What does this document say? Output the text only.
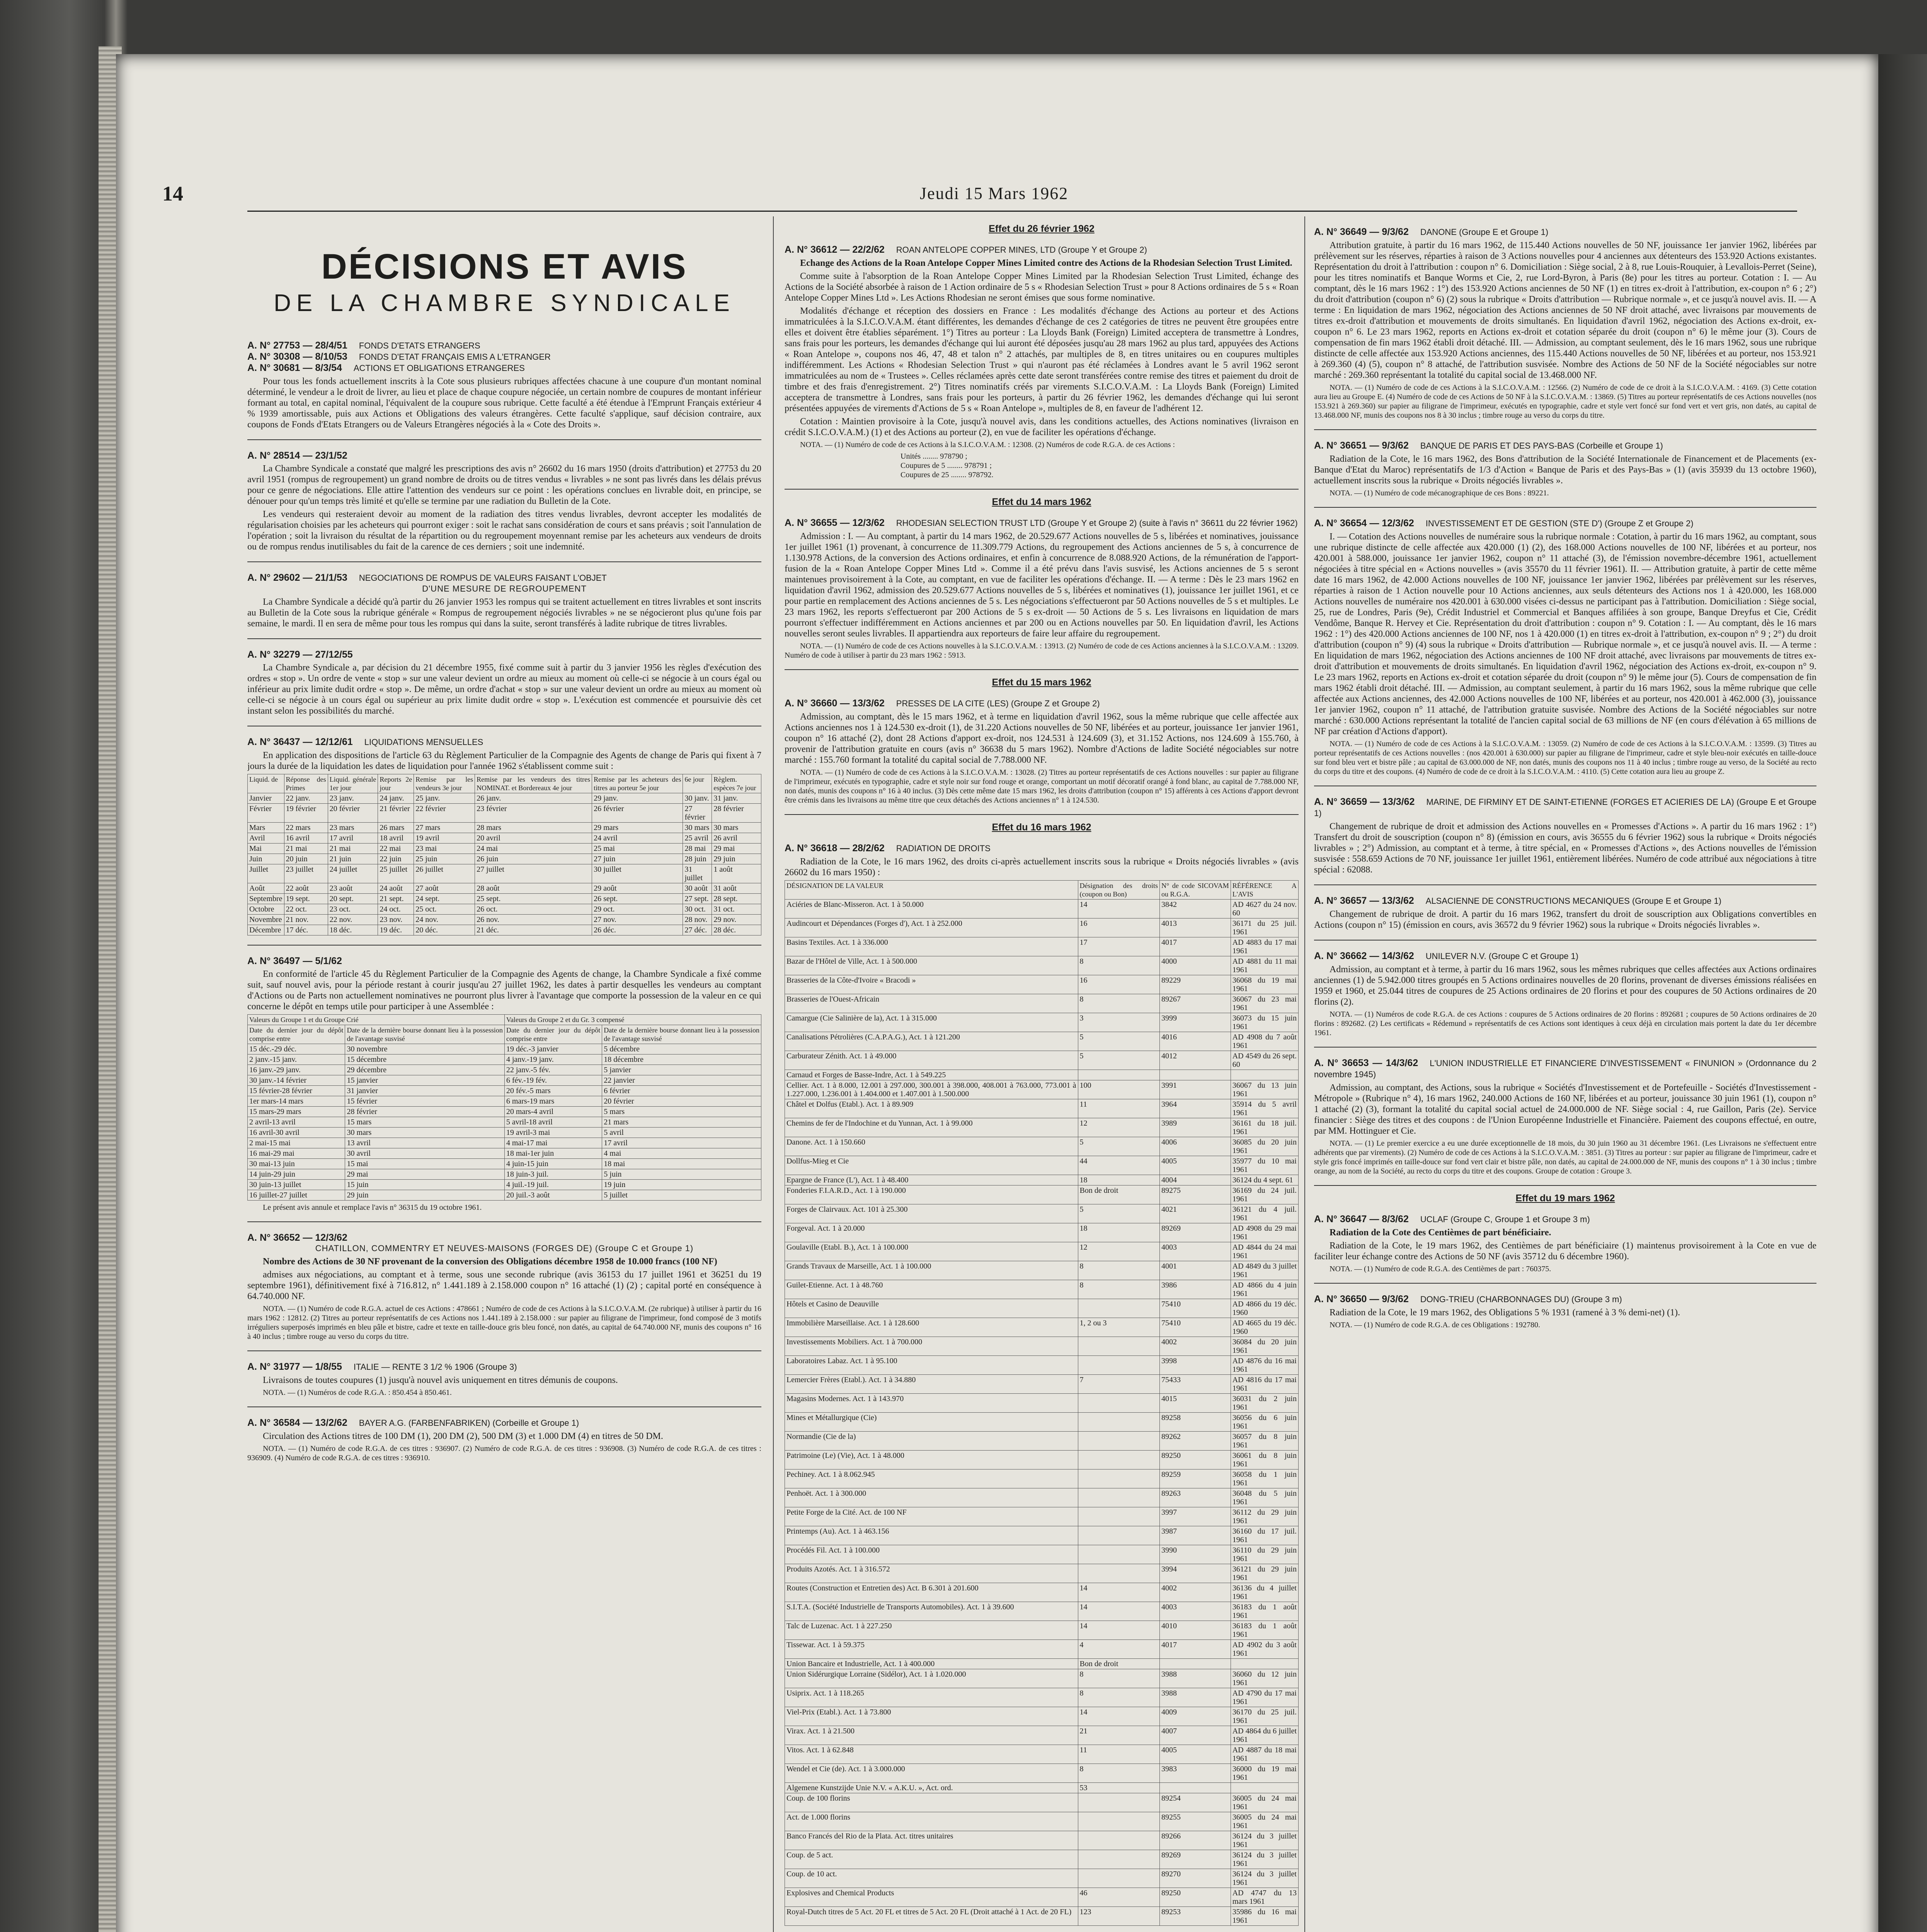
14	Jeudi 15 Mars 1962
DÉCISIONS ET AVIS
DE LA CHAMBRE SYNDICALE
A. N° 27753 — 28/4/51 FONDS D'ETATS ETRANGERS
A. N° 30308 — 8/10/53 FONDS D'ETAT FRANÇAIS EMIS A L'ETRANGER
A. N° 30681 — 8/3/54 ACTIONS ET OBLIGATIONS ETRANGERES

Pour tous les fonds actuellement inscrits à la Cote sous plusieurs rubriques affectées chacune à une coupure d'un montant nominal déterminé, le vendeur a le droit de livrer, au lieu et place de chaque coupure négociée, un certain nombre de coupures de montant inférieur formant au total, en capital nominal, l'équivalent de la coupure sous rubrique. Cette faculté a été étendue à l'Emprunt Français extérieur 4 % 1939 amortissable, puis aux Actions et Obligations des valeurs étrangères. Cette faculté s'applique, sauf décision contraire, aux coupons de Fonds d'Etats Etrangers ou de Valeurs Etrangères négociés à la « Cote des Droits ».

A. N° 28514 — 23/1/52

La Chambre Syndicale a constaté que malgré les prescriptions des avis n° 26602 du 16 mars 1950 (droits d'attribution) et 27753 du 20 avril 1951 (rompus de regroupement) un grand nombre de droits ou de titres vendus « livrables » ne sont pas livrés dans les délais prévus pour ce genre de négociations. Elle attire l'attention des vendeurs sur ce point : les opérations conclues en livrable doit, en principe, se dénouer pour qu'un temps très limité et qu'elle se termine par une radiation du Bulletin de la Cote.

Les vendeurs qui resteraient devoir au moment de la radiation des titres vendus livrables, devront accepter les modalités de régularisation choisies par les acheteurs qui pourront exiger : soit le rachat sans considération de cours et sans préavis ; soit l'annulation de l'opération ; soit la livraison du résultat de la répartition ou du regroupement moyennant remise par les acheteurs aux vendeurs de droits ou de rompus rendus inutilisables du fait de la carence de ces derniers ; soit une indemnité.

A. N° 29602 — 21/1/53 NEGOCIATIONS DE ROMPUS DE VALEURS FAISANT L'OBJET
D'UNE MESURE DE REGROUPEMENT

La Chambre Syndicale a décidé qu'à partir du 26 janvier 1953 les rompus qui se traitent actuellement en titres livrables et sont inscrits au Bulletin de la Cote sous la rubrique générale « Rompus de regroupement négociés livrables » ne se négocieront plus qu'une fois par semaine, le mardi. Il en sera de même pour tous les rompus qui dans la suite, seront transférés à ladite rubrique de titres livrables.

A. N° 32279 — 27/12/55

La Chambre Syndicale a, par décision du 21 décembre 1955, fixé comme suit à partir du 3 janvier 1956 les règles d'exécution des ordres « stop ». Un ordre de vente « stop » sur une valeur devient un ordre au mieux au moment où celle-ci se négocie à un cours égal ou inférieur au prix limite dudit ordre « stop ». De même, un ordre d'achat « stop » sur une valeur devient un ordre au mieux au moment où celle-ci se négocie à un cours égal ou supérieur au prix limite dudit ordre « stop ». L'exécution est commencée et poursuivie dès cet instant selon les possibilités du marché.

A. N° 36437 — 12/12/61 LIQUIDATIONS MENSUELLES

En application des dispositions de l'article 63 du Règlement Particulier de la Compagnie des Agents de change de Paris qui fixent à 7 jours la durée de la liquidation les dates de liquidation pour l'année 1962 s'établissent comme suit :

Liquid. de	Réponse des Primes	Liquid. générale 1er jour	Reports 2e jour	Remise par les vendeurs 3e jour	Remise par les vendeurs des titres NOMINAT. et Bordereaux 4e jour	Remise par les acheteurs des titres au porteur 5e jour	6e jour	Règlem. espèces 7e jour
Janvier	22 janv.	23 janv.	24 janv.	25 janv.	26 janv.	29 janv.	30 janv.	31 janv.
Février	19 février	20 février	21 février	22 février	23 février	26 février	27 février	28 février
Mars	22 mars	23 mars	26 mars	27 mars	28 mars	29 mars	30 mars	30 mars
Avril	16 avril	17 avril	18 avril	19 avril	20 avril	24 avril	25 avril	26 avril
Mai	21 mai	21 mai	22 mai	23 mai	24 mai	25 mai	28 mai	29 mai
Juin	20 juin	21 juin	22 juin	25 juin	26 juin	27 juin	28 juin	29 juin
Juillet	23 juillet	24 juillet	25 juillet	26 juillet	27 juillet	30 juillet	31 juillet	1 août
Août	22 août	23 août	24 août	27 août	28 août	29 août	30 août	31 août
Septembre	19 sept.	20 sept.	21 sept.	24 sept.	25 sept.	26 sept.	27 sept.	28 sept.
Octobre	22 oct.	23 oct.	24 oct.	25 oct.	26 oct.	29 oct.	30 oct.	31 oct.
Novembre	21 nov.	22 nov.	23 nov.	24 nov.	26 nov.	27 nov.	28 nov.	29 nov.
Décembre	17 déc.	18 déc.	19 déc.	20 déc.	21 déc.	26 déc.	27 déc.	28 déc.
A. N° 36497 — 5/1/62

En conformité de l'article 45 du Règlement Particulier de la Compagnie des Agents de change, la Chambre Syndicale a fixé comme suit, sauf nouvel avis, pour la période restant à courir jusqu'au 27 juillet 1962, les dates à partir desquelles les vendeurs au comptant d'Actions ou de Parts non actuellement nominatives ne pourront plus livrer à l'avantage que comporte la possession de la valeur en ce qui concerne le dépôt en temps utile pour participer à une Assemblée :

Valeurs du Groupe 1 et du Groupe Crié		Valeurs du Groupe 2 et du Gr. 3 compensé	
Date du dernier jour du dépôt comprise entre	Date de la dernière bourse donnant lieu à la possession de l'avantage susvisé	Date du dernier jour du dépôt comprise entre	Date de la dernière bourse donnant lieu à la possession de l'avantage susvisé
15 déc.-29 déc.	30 novembre	19 déc.-3 janvier	5 décembre
2 janv.-15 janv.	15 décembre	4 janv.-19 janv.	18 décembre
16 janv.-29 janv.	29 décembre	22 janv.-5 fév.	5 janvier
30 janv.-14 février	15 janvier	6 fév.-19 fév.	22 janvier
15 février-28 février	31 janvier	20 fév.-5 mars	6 février
1er mars-14 mars	15 février	6 mars-19 mars	20 février
15 mars-29 mars	28 février	20 mars-4 avril	5 mars
2 avril-13 avril	15 mars	5 avril-18 avril	21 mars
16 avril-30 avril	30 mars	19 avril-3 mai	5 avril
2 mai-15 mai	13 avril	4 mai-17 mai	17 avril
16 mai-29 mai	30 avril	18 mai-1er juin	4 mai
30 mai-13 juin	15 mai	4 juin-15 juin	18 mai
14 juin-29 juin	29 mai	18 juin-3 juil.	5 juin
30 juin-13 juillet	15 juin	4 juil.-19 juil.	19 juin
16 juillet-27 juillet	29 juin	20 juil.-3 août	5 juillet

Le présent avis annule et remplace l'avis n° 36315 du 19 octobre 1961.

A. N° 36652 — 12/3/62
CHATILLON, COMMENTRY ET NEUVES-MAISONS (FORGES DE) (Groupe C et Groupe 1)

Nombre des Actions de 30 NF provenant de la conversion des Obligations décembre 1958 de 10.000 francs (100 NF)

admises aux négociations, au comptant et à terme, sous une seconde rubrique (avis 36153 du 17 juillet 1961 et 36251 du 19 septembre 1961), définitivement fixé à 716.812, n° 1.441.189 à 2.158.000 coupon n° 16 attaché (1) (2) ; capital porté en conséquence à 64.740.000 NF.

NOTA. — (1) Numéro de code R.G.A. actuel de ces Actions : 478661 ; Numéro de code de ces Actions à la S.I.C.O.V.A.M. (2e rubrique) à utiliser à partir du 16 mars 1962 : 12812. (2) Titres au porteur représentatifs de ces Actions nos 1.441.189 à 2.158.000 : sur papier au filigrane de l'imprimeur, fond composé de 3 motifs irréguliers superposés imprimés en bleu pâle et bistre, cadre et texte en taille-douce gris bleu foncé, non datés, au capital de 64.740.000 NF, munis des coupons n° 16 à 40 inclus ; timbre rouge au verso du corps du titre.

A. N° 31977 — 1/8/55 ITALIE — RENTE 3 1/2 % 1906 (Groupe 3)

Livraisons de toutes coupures (1) jusqu'à nouvel avis uniquement en titres démunis de coupons.

NOTA. — (1) Numéros de code R.G.A. : 850.454 à 850.461.

A. N° 36584 — 13/2/62 BAYER A.G. (FARBENFABRIKEN) (Corbeille et Groupe 1)

Circulation des Actions titres de 100 DM (1), 200 DM (2), 500 DM (3) et 1.000 DM (4) en titres de 50 DM.

NOTA. — (1) Numéro de code R.G.A. de ces titres : 936907. (2) Numéro de code R.G.A. de ces titres : 936908. (3) Numéro de code R.G.A. de ces titres : 936909. (4) Numéro de code R.G.A. de ces titres : 936910.

Effet du 26 février 1962
A. N° 36612 — 22/2/62 ROAN ANTELOPE COPPER MINES, LTD (Groupe Y et Groupe 2)

Echange des Actions de la Roan Antelope Copper Mines Limited contre des Actions de la Rhodesian Selection Trust Limited.

Comme suite à l'absorption de la Roan Antelope Copper Mines Limited par la Rhodesian Selection Trust Limited, échange des Actions de la Société absorbée à raison de 1 Action ordinaire de 5 s « Rhodesian Selection Trust » pour 8 Actions ordinaires de 5 s « Roan Antelope Copper Mines Ltd ». Les Actions Rhodesian ne seront émises que sous forme nominative.

Modalités d'échange et réception des dossiers en France : Les modalités d'échange des Actions au porteur et des Actions immatriculées à la S.I.C.O.V.A.M. étant différentes, les demandes d'échange de ces 2 catégories de titres ne peuvent être groupées entre elles et doivent être établies séparément. 1°) Titres au porteur : La Lloyds Bank (Foreign) Limited acceptera de transmettre à Londres, sans frais pour les porteurs, les demandes d'échange qui lui auront été déposées jusqu'au 28 mars 1962 au plus tard, appuyées des Actions « Roan Antelope », coupons nos 46, 47, 48 et talon n° 2 attachés, par multiples de 8, en titres unitaires ou en coupures multiples indifféremment. Les Actions « Rhodesian Selection Trust » qui n'auront pas été réclamées à Londres avant le 5 avril 1962 seront immatriculées au nom de « Trustees ». Celles réclamées après cette date seront transférées contre remise des titres et paiement du droit de timbre et des frais d'enregistrement. 2°) Titres nominatifs créés par virements S.I.C.O.V.A.M. : La Lloyds Bank (Foreign) Limited acceptera de transmettre à Londres, sans frais pour les porteurs, à partir du 26 février 1962, les demandes d'échange qui lui seront présentées appuyées de virements d'Actions de 5 s « Roan Antelope », multiples de 8, en faveur de l'adhérent 12.

Cotation : Maintien provisoire à la Cote, jusqu'à nouvel avis, dans les conditions actuelles, des Actions nominatives (livraison en crédit S.I.C.O.V.A.M.) (1) et des Actions au porteur (2), en vue de faciliter les opérations d'échange.

NOTA. — (1) Numéro de code de ces Actions à la S.I.C.O.V.A.M. : 12308. (2) Numéros de code R.G.A. de ces Actions :

Unités ........ 978790 ;
Coupures de 5 ........ 978791 ;
Coupures de 25 ........ 978792.
Effet du 14 mars 1962
A. N° 36655 — 12/3/62 RHODESIAN SELECTION TRUST LTD (Groupe Y et Groupe 2) (suite à l'avis n° 36611 du 22 février 1962)

Admission : I. — Au comptant, à partir du 14 mars 1962, de 20.529.677 Actions nouvelles de 5 s, libérées et nominatives, jouissance 1er juillet 1961 (1) provenant, à concurrence de 11.309.779 Actions, du regroupement des Actions anciennes de 5 s, à concurrence de 1.130.978 Actions, de la conversion des Actions ordinaires, et enfin à concurrence de 8.088.920 Actions, de la rémunération de l'apport-fusion de la « Roan Antelope Copper Mines Ltd ». Comme il a été prévu dans l'avis susvisé, les Actions anciennes de 5 s seront maintenues provisoirement à la Cote, au comptant, en vue de faciliter les opérations d'échange. II. — A terme : Dès le 23 mars 1962 en liquidation d'avril 1962, admission des 20.529.677 Actions nouvelles de 5 s, libérées et nominatives (1), jouissance 1er juillet 1961, et ce pour partie en remplacement des Actions anciennes de 5 s. Les négociations s'effectueront par 50 Actions nouvelles de 5 s et multiples. Le 23 mars 1962, les reports s'effectueront par 200 Actions de 5 s ex-droit — 50 Actions de 5 s. Les livraisons en liquidation de mars pourront s'effectuer indifféremment en Actions anciennes et par 200 ou en Actions nouvelles par 50. En liquidation d'avril, les Actions nouvelles seront seules livrables. Il appartiendra aux reporteurs de faire leur affaire du regroupement.

NOTA. — (1) Numéro de code de ces Actions nouvelles à la S.I.C.O.V.A.M. : 13913. (2) Numéro de code de ces Actions anciennes à la S.I.C.O.V.A.M. : 13209. Numéro de code à utiliser à partir du 23 mars 1962 : 5913.

Effet du 15 mars 1962
A. N° 36660 — 13/3/62 PRESSES DE LA CITE (LES) (Groupe Z et Groupe 2)

Admission, au comptant, dès le 15 mars 1962, et à terme en liquidation d'avril 1962, sous la même rubrique que celle affectée aux Actions anciennes nos 1 à 124.530 ex-droit (1), de 31.220 Actions nouvelles de 50 NF, libérées et au porteur, jouissance 1er janvier 1961, coupon n° 16 attaché (2), dont 28 Actions d'apport ex-droit, nos 124.531 à 124.609 (3), et 31.152 Actions, nos 124.609 à 155.760, à provenir de l'attribution gratuite en cours (avis n° 36638 du 5 mars 1962). Nombre d'Actions de ladite Société négociables sur notre marché : 155.760 formant la totalité du capital social de 7.788.000 NF.

NOTA. — (1) Numéro de code de ces Actions à la S.I.C.O.V.A.M. : 13028. (2) Titres au porteur représentatifs de ces Actions nouvelles : sur papier au filigrane de l'imprimeur, exécutés en typographie, cadre et style noir sur fond rouge et orange, comportant un motif décoratif orangé à fond blanc, au capital de 7.788.000 NF, non datés, munis des coupons n° 16 à 40 inclus. (3) Dès cette même date 15 mars 1962, les droits d'attribution (coupon n° 15) afférents à ces Actions d'apport devront être crémis dans les livraisons au même titre que ceux détachés des Actions anciennes n° 1 à 124.530.

Effet du 16 mars 1962
A. N° 36618 — 28/2/62 RADIATION DE DROITS

Radiation de la Cote, le 16 mars 1962, des droits ci-après actuellement inscrits sous la rubrique « Droits négociés livrables » (avis 26602 du 16 mars 1950) :

DÉSIGNATION DE LA VALEUR	Désignation des droits (coupon ou Bon)	N° de code SICOVAM ou R.G.A.	RÉFÉRENCE A L'AVIS
Aciéries de Blanc-Misseron. Act. 1 à 50.000	14	3842	AD 4627 du 24 nov. 60
Audincourt et Dépendances (Forges d'), Act. 1 à 252.000	16	4013	36171 du 25 juil. 1961
Basins Textiles. Act. 1 à 336.000	17	4017	AD 4883 du 17 mai 1961
Bazar de l'Hôtel de Ville, Act. 1 à 500.000	8	4000	AD 4881 du 11 mai 1961
Brasseries de la Côte-d'Ivoire « Bracodi »	16	89229	36068 du 19 mai 1961
Brasseries de l'Ouest-Africain	8	89267	36067 du 23 mai 1961
Camargue (Cie Salinière de la), Act. 1 à 315.000	3	3999	36073 du 15 juin 1961
Canalisations Pétrolières (C.A.P.A.G.), Act. 1 à 121.200	5	4016	AD 4908 du 7 août 1961
Carburateur Zénith. Act. 1 à 49.000	5	4012	AD 4549 du 26 sept. 60
Carnaud et Forges de Basse-Indre, Act. 1 à 549.225			
Cellier. Act. 1 à 8.000, 12.001 à 297.000, 300.001 à 398.000, 408.001 à 763.000, 773.001 à 1.227.000, 1.236.001 à 1.404.000 et 1.407.001 à 1.500.000	100	3991	36067 du 13 juin 1961
Châtel et Dolfus (Etabl.). Act. 1 à 89.909	11	3964	35914 du 5 avril 1961
Chemins de fer de l'Indochine et du Yunnan, Act. 1 à 99.000	12	3989	36161 du 18 juil. 1961
Danone. Act. 1 à 150.660	5	4006	36085 du 20 juin 1961
Dollfus-Mieg et Cie	44	4005	35977 du 10 mai 1961
Epargne de France (L'), Act. 1 à 48.400	18	4004	36124 du 4 sept. 61
Fonderies F.I.A.R.D., Act. 1 à 190.000	Bon de droit	89275	36169 du 24 juil. 1961
Forges de Clairvaux. Act. 101 à 25.300	5	4021	36121 du 4 juil. 1961
Forgeval. Act. 1 à 20.000	18	89269	AD 4908 du 29 mai 1961
Goulaville (Etabl. B.), Act. 1 à 100.000	12	4003	AD 4844 du 24 mai 1961
Grands Travaux de Marseille, Act. 1 à 100.000	8	4001	AD 4849 du 3 juillet 1961
Guilet-Etienne. Act. 1 à 48.760	8	3986	AD 4866 du 4 juin 1961
Hôtels et Casino de Deauville		75410	AD 4866 du 19 déc. 1960
Immobilière Marseillaise. Act. 1 à 128.600	1, 2 ou 3	75410	AD 4665 du 19 déc. 1960
Investissements Mobiliers. Act. 1 à 700.000		4002	36084 du 20 juin 1961
Laboratoires Labaz. Act. 1 à 95.100		3998	AD 4876 du 16 mai 1961
Lemercier Frères (Etabl.). Act. 1 à 34.880	7	75433	AD 4816 du 17 mai 1961
Magasins Modernes. Act. 1 à 143.970		4015	36031 du 2 juin 1961
Mines et Métallurgique (Cie)		89258	36056 du 6 juin 1961
Normandie (Cie de la)		89262	36057 du 8 juin 1961
Patrimoine (Le) (Vie), Act. 1 à 48.000		89250	36061 du 8 juin 1961
Pechiney. Act. 1 à 8.062.945		89259	36058 du 1 juin 1961
Penhoët. Act. 1 à 300.000		89263	36048 du 5 juin 1961
Petite Forge de la Cité. Act. de 100 NF		3997	36112 du 29 juin 1961
Printemps (Au). Act. 1 à 463.156		3987	36160 du 17 juil. 1961
Procédés Fil. Act. 1 à 100.000		3990	36110 du 29 juin 1961
Produits Azotés. Act. 1 à 316.572		3994	36121 du 29 juin 1961
Routes (Construction et Entretien des) Act. B 6.301 à 201.600	14	4002	36136 du 4 juillet 1961
S.I.T.A. (Société Industrielle de Transports Automobiles). Act. 1 à 39.600	14	4003	36183 du 1 août 1961
Talc de Luzenac. Act. 1 à 227.250	14	4010	36183 du 1 août 1961
Tissewar. Act. 1 à 59.375	4	4017	AD 4902 du 3 août 1961
Union Bancaire et Industrielle, Act. 1 à 400.000	Bon de droit		
Union Sidérurgique Lorraine (Sidélor), Act. 1 à 1.020.000	8	3988	36060 du 12 juin 1961
Usiprix. Act. 1 à 118.265	8	3988	AD 4790 du 17 mai 1961
Viel-Prix (Etabl.). Act. 1 à 73.800	14	4009	36170 du 25 juil. 1961
Virax. Act. 1 à 21.500	21	4007	AD 4864 du 6 juillet 1961
Vitos. Act. 1 à 62.848	11	4005	AD 4887 du 18 mai 1961
Wendel et Cie (de). Act. 1 à 3.000.000	8	3983	36000 du 19 mai 1961
Algemene Kunstzijde Unie N.V. « A.K.U. », Act. ord.	53		
Coup. de 100 florins		89254	36005 du 24 mai 1961
Act. de 1.000 florins		89255	36005 du 24 mai 1961
Banco Francés del Rio de la Plata. Act. titres unitaires		89266	36124 du 3 juillet 1961
Coup. de 5 act.		89269	36124 du 3 juillet 1961
Coup. de 10 act.		89270	36124 du 3 juillet 1961
Explosives and Chemical Products	46	89250	AD 4747 du 13 mars 1961
Royal-Dutch titres de 5 Act. 20 FL et titres de 5 Act. 20 FL (Droit attaché à 1 Act. de 20 FL)	123	89253	35986 du 16 mai 1961
A. N° 36649 — 9/3/62 DANONE (Groupe E et Groupe 1)

Attribution gratuite, à partir du 16 mars 1962, de 115.440 Actions nouvelles de 50 NF, jouissance 1er janvier 1962, libérées par prélèvement sur les réserves, réparties à raison de 3 Actions nouvelles pour 4 anciennes aux détenteurs des 153.920 Actions existantes. Représentation du droit à l'attribution : coupon n° 6. Domiciliation : Siège social, 2 à 8, rue Louis-Rouquier, à Levallois-Perret (Seine), pour les titres nominatifs et Banque Worms et Cie, 2, rue Lord-Byron, à Paris (8e) pour les titres au porteur. Cotation : I. — Au comptant, dès le 16 mars 1962 : 1°) des 153.920 Actions anciennes de 50 NF (1) en titres ex-droit à l'attribution, ex-coupon n° 6 ; 2°) du droit d'attribution (coupon n° 6) (2) sous la rubrique « Droits d'attribution — Rubrique normale », et ce jusqu'à nouvel avis. II. — A terme : En liquidation de mars 1962, négociation des Actions anciennes de 50 NF droit attaché, avec livraisons par mouvements de titres ex-droit d'attribution et mouvements de droits simultanés. En liquidation d'avril 1962, négociation des Actions ex-droit, ex-coupon n° 6. Le 23 mars 1962, reports en Actions ex-droit et cotation séparée du droit (coupon n° 6) le même jour (3). Cours de compensation de fin mars 1962 établi droit détaché. III. — Admission, au comptant seulement, dès le 16 mars 1962, sous une rubrique distincte de celle affectée aux 153.920 Actions anciennes, des 115.440 Actions nouvelles de 50 NF, libérées et au porteur, nos 153.921 à 269.360 (4) (5), coupon n° 8 attaché, de l'attribution susvisée. Nombre des Actions de 50 NF de la Société négociables sur notre marché : 269.360 représentant la totalité du capital social de 13.468.000 NF.

NOTA. — (1) Numéro de code de ces Actions à la S.I.C.O.V.A.M. : 12566. (2) Numéro de code de ce droit à la S.I.C.O.V.A.M. : 4169. (3) Cette cotation aura lieu au Groupe E. (4) Numéro de code de ces Actions de 50 NF à la S.I.C.O.V.A.M. : 13869. (5) Titres au porteur représentatifs de ces Actions nouvelles (nos 153.921 à 269.360) sur papier au filigrane de l'imprimeur, exécutés en typographie, cadre et style vert foncé sur fond vert et vert gris, non datés, au capital de 13.468.000 NF, munis des coupons nos 8 à 30 inclus ; timbre rouge au verso du corps du titre.

A. N° 36651 — 9/3/62 BANQUE DE PARIS ET DES PAYS-BAS (Corbeille et Groupe 1)

Radiation de la Cote, le 16 mars 1962, des Bons d'attribution de la Société Internationale de Financement et de Placements (ex-Banque d'Etat du Maroc) représentatifs de 1/3 d'Action « Banque de Paris et des Pays-Bas » (1) (avis 35939 du 13 octobre 1960), actuellement inscrits sous la rubrique « Droits négociés livrables ».

NOTA. — (1) Numéro de code mécanographique de ces Bons : 89221.

A. N° 36654 — 12/3/62 INVESTISSEMENT ET DE GESTION (STE D') (Groupe Z et Groupe 2)

I. — Cotation des Actions nouvelles de numéraire sous la rubrique normale : Cotation, à partir du 16 mars 1962, au comptant, sous une rubrique distincte de celle affectée aux 420.000 (1) (2), des 168.000 Actions nouvelles de 100 NF, libérées et au porteur, nos 420.001 à 588.000, jouissance 1er janvier 1962, coupon n° 11 attaché (3), de l'émission novembre-décembre 1961, actuellement négociées à titre spécial en « Actions nouvelles » (avis 35570 du 11 février 1961). II. — Attribution gratuite, à partir de cette même date 16 mars 1962, de 42.000 Actions nouvelles de 100 NF, jouissance 1er janvier 1962, libérées par prélèvement sur les réserves, réparties à raison de 1 Action nouvelle pour 10 Actions anciennes, aux seuls détenteurs des Actions nos 1 à 420.000, les 168.000 Actions nouvelles de numéraire nos 420.001 à 630.000 visées ci-dessus ne participant pas à l'attribution. Domiciliation : Siège social, 25, rue de Londres, Paris (9e), Crédit Industriel et Commercial et Banques affiliées à son groupe, Banque Dreyfus et Cie, Crédit Vendôme, Banque R. Hervey et Cie. Représentation du droit d'attribution : coupon n° 9. Cotation : I. — Au comptant, dès le 16 mars 1962 : 1°) des 420.000 Actions anciennes de 100 NF, nos 1 à 420.000 (1) en titres ex-droit à l'attribution, ex-coupon n° 9 ; 2°) du droit d'attribution (coupon n° 9) (4) sous la rubrique « Droits d'attribution — Rubrique normale », et ce jusqu'à nouvel avis. II. — A terme : En liquidation de mars 1962, négociation des Actions anciennes de 100 NF droit attaché, avec livraisons par mouvements de titres ex-droit d'attribution et mouvements de droits simultanés. En liquidation d'avril 1962, négociation des Actions ex-droit, ex-coupon n° 9. Le 23 mars 1962, reports en Actions ex-droit et cotation séparée du droit (coupon n° 9) le même jour (5). Cours de compensation de fin mars 1962 établi droit détaché. III. — Admission, au comptant seulement, à partir du 16 mars 1962, sous la même rubrique que celle affectée aux Actions anciennes, des 42.000 Actions nouvelles de 100 NF, libérées et au porteur, nos 420.001 à 462.000 (3), jouissance 1er janvier 1962, coupon n° 11 attaché, de l'attribution gratuite susvisée. Nombre des Actions de la Société négociables sur notre marché : 630.000 Actions représentant la totalité de l'ancien capital social de 63 millions de NF (en cours d'élévation à 65 millions de NF par création d'Actions d'apport).

NOTA. — (1) Numéro de code de ces Actions à la S.I.C.O.V.A.M. : 13059. (2) Numéro de code de ces Actions à la S.I.C.O.V.A.M. : 13599. (3) Titres au porteur représentatifs de ces Actions nouvelles : (nos 420.001 à 630.000) sur papier au filigrane de l'imprimeur, cadre et style bleu-noir exécutés en taille-douce sur fond bleu vert et bistre pâle ; au capital de 63.000.000 de NF, non datés, munis des coupons nos 11 à 40 inclus ; timbre rouge au verso, de la Société au recto du corps du titre et des coupons. (4) Numéro de code de ce droit à la S.I.C.O.V.A.M. : 4110. (5) Cette cotation aura lieu au groupe Z.

A. N° 36659 — 13/3/62 MARINE, DE FIRMINY ET DE SAINT-ETIENNE (FORGES ET ACIERIES DE LA) (Groupe E et Groupe 1)

Changement de rubrique de droit et admission des Actions nouvelles en « Promesses d'Actions ». A partir du 16 mars 1962 : 1°) Transfert du droit de souscription (coupon n° 8) (émission en cours, avis 36555 du 6 février 1962) sous la rubrique « Droits négociés livrables » ; 2°) Admission, au comptant et à terme, à titre spécial, en « Promesses d'Actions », des Actions nouvelles de l'émission susvisée : 558.659 Actions de 70 NF, jouissance 1er juillet 1961, entièrement libérées. Numéro de code attribué aux négociations à titre spécial : 62088.

A. N° 36657 — 13/3/62 ALSACIENNE DE CONSTRUCTIONS MECANIQUES (Groupe E et Groupe 1)

Changement de rubrique de droit. A partir du 16 mars 1962, transfert du droit de souscription aux Obligations convertibles en Actions (coupon n° 15) (émission en cours, avis 36572 du 9 février 1962) sous la rubrique « Droits négociés livrables ».

A. N° 36662 — 14/3/62 UNILEVER N.V. (Groupe C et Groupe 1)

Admission, au comptant et à terme, à partir du 16 mars 1962, sous les mêmes rubriques que celles affectées aux Actions ordinaires anciennes (1) de 5.942.000 titres groupés en 5 Actions ordinaires nouvelles de 20 florins, provenant de diverses émissions réalisées en 1959 et 1960, et 25.044 titres de coupures de 25 Actions ordinaires de 20 florins et pour des coupures de 50 Actions ordinaires de 20 florins (2).

NOTA. — (1) Numéros de code R.G.A. de ces Actions : coupures de 5 Actions ordinaires de 20 florins : 892681 ; coupures de 50 Actions ordinaires de 20 florins : 892682. (2) Les certificats « Rédemund » représentatifs de ces Actions sont identiques à ceux déjà en circulation mais portent la date du 1er décembre 1961.

A. N° 36653 — 14/3/62 L'UNION INDUSTRIELLE ET FINANCIERE D'INVESTISSEMENT « FINUNION » (Ordonnance du 2 novembre 1945)

Admission, au comptant, des Actions, sous la rubrique « Sociétés d'Investissement et de Portefeuille - Sociétés d'Investissement - Métropole » (Rubrique n° 4), 16 mars 1962, 240.000 Actions de 160 NF, libérées et au porteur, jouissance 30 juin 1961 (1), coupon n° 1 attaché (2) (3), formant la totalité du capital social actuel de 24.000.000 de NF. Siège social : 4, rue Gaillon, Paris (2e). Service financier : Siège des titres et des coupons : de l'Union Européenne Industrielle et Financière. Paiement des coupons effectué, en outre, par MM. Hottinguer et Cie.

NOTA. — (1) Le premier exercice a eu une durée exceptionnelle de 18 mois, du 30 juin 1960 au 31 décembre 1961. (Les Livraisons ne s'effectuent entre adhérents que par virements). (2) Numéro de code de ces Actions à la S.I.C.O.V.A.M. : 3851. (3) Titres au porteur : sur papier au filigrane de l'imprimeur, cadre et style gris foncé imprimés en taille-douce sur fond vert clair et bistre pâle, non datés, au capital de 24.000.000 de NF, munis des coupons n° 1 à 30 inclus ; timbre orange, au nom de la Société, au recto du corps du titre et des coupons. Groupe de cotation : Groupe 3.

Effet du 19 mars 1962
A. N° 36647 — 8/3/62 UCLAF (Groupe C, Groupe 1 et Groupe 3 m)

Radiation de la Cote des Centièmes de part bénéficiaire.

Radiation de la Cote, le 19 mars 1962, des Centièmes de part bénéficiaire (1) maintenus provisoirement à la Cote en vue de faciliter leur échange contre des Actions de 50 NF (avis 35712 du 6 décembre 1960).

NOTA. — (1) Numéro de code R.G.A. des Centièmes de part : 760375.

A. N° 36650 — 9/3/62 DONG-TRIEU (CHARBONNAGES DU) (Groupe 3 m)

Radiation de la Cote, le 19 mars 1962, des Obligations 5 % 1931 (ramené à 3 % demi-net) (1).

NOTA. — (1) Numéro de code R.G.A. de ces Obligations : 192780.
